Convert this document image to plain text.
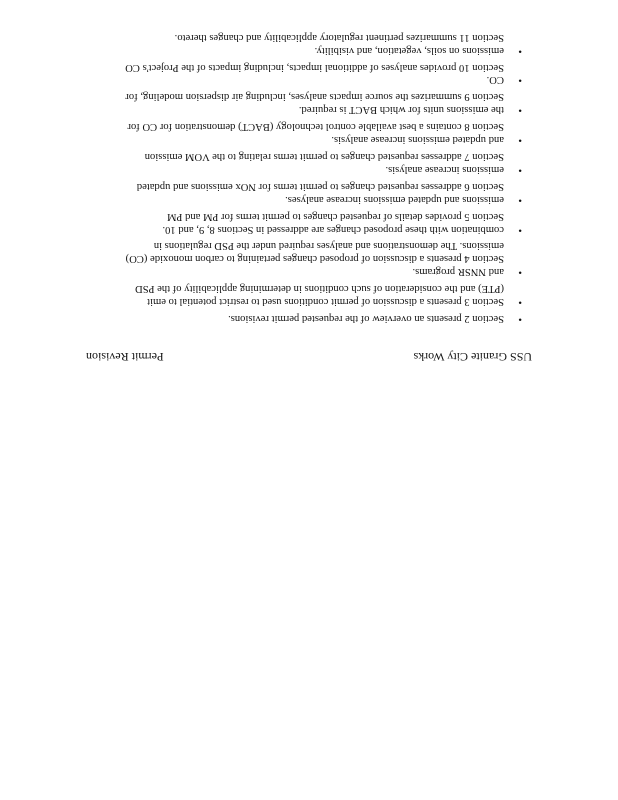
USS Granite City Works
Permit Revision
• Section 2 presents an overview of the requested permit revisions.
• Section 3 presents a discussion of permit conditions used to restrict potential to emit
(PTE) and the consideration of such conditions in determining applicability of the PSD
• and NNSR programs.
Section 4 presents a discussion of proposed changes pertaining to carbon monoxide (CO)
emissions. The demonstrations and analyses required under the PSD regulations in
• combination with these proposed changes are addressed in Sections 8, 9, and 10.
Section 5 provides details of requested changes to permit terms for PM and PM
• emissions and updated emissions increase analyses.
Section 6 addresses requested changes to permit terms for NOx emissions and updated
• emissions increase analysis.
Section 7 addresses requested changes to permit terms relating to the VOM emission
• and updated emissions increase analysis.
Section 8 contains a best available control technology (BACT) demonstration for CO for
• the emissions units for which BACT is required.
Section 9 summarizes the source impacts analyses, including air dispersion modeling, for
• CO.
Section 10 provides analyses of additional impacts, including impacts of the Project's CO
• emissions on soils, vegetation, and visibility.
Section 11 summarizes pertinent regulatory applicability and changes thereto.
